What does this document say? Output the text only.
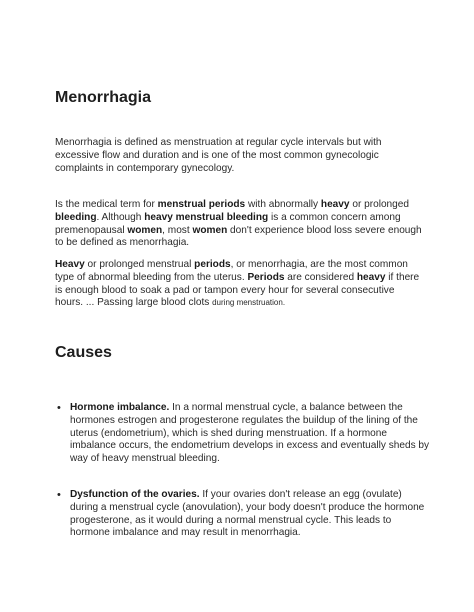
Menorrhagia

Menorrhagia is defined as menstruation at regular cycle intervals but with excessive flow and duration and is one of the most common gynecologic complaints in contemporary gynecology.

Is the medical term for menstrual periods with abnormally heavy or prolonged bleeding. Although heavy menstrual bleeding is a common concern among premenopausal women, most women don't experience blood loss severe enough to be defined as menorrhagia.

Heavy or prolonged menstrual periods, or menorrhagia, are the most common type of abnormal bleeding from the uterus. Periods are considered heavy if there is enough blood to soak a pad or tampon every hour for several consecutive hours. ... Passing large blood clots during menstruation.

Causes
• Hormone imbalance. In a normal menstrual cycle, a balance between the hormones estrogen and progesterone regulates the buildup of the lining of the uterus (endometrium), which is shed during menstruation. If a hormone imbalance occurs, the endometrium develops in excess and eventually sheds by way of heavy menstrual bleeding.

• Dysfunction of the ovaries. If your ovaries don't release an egg (ovulate) during a menstrual cycle (anovulation), your body doesn't produce the hormone progesterone, as it would during a normal menstrual cycle. This leads to hormone imbalance and may result in menorrhagia.
